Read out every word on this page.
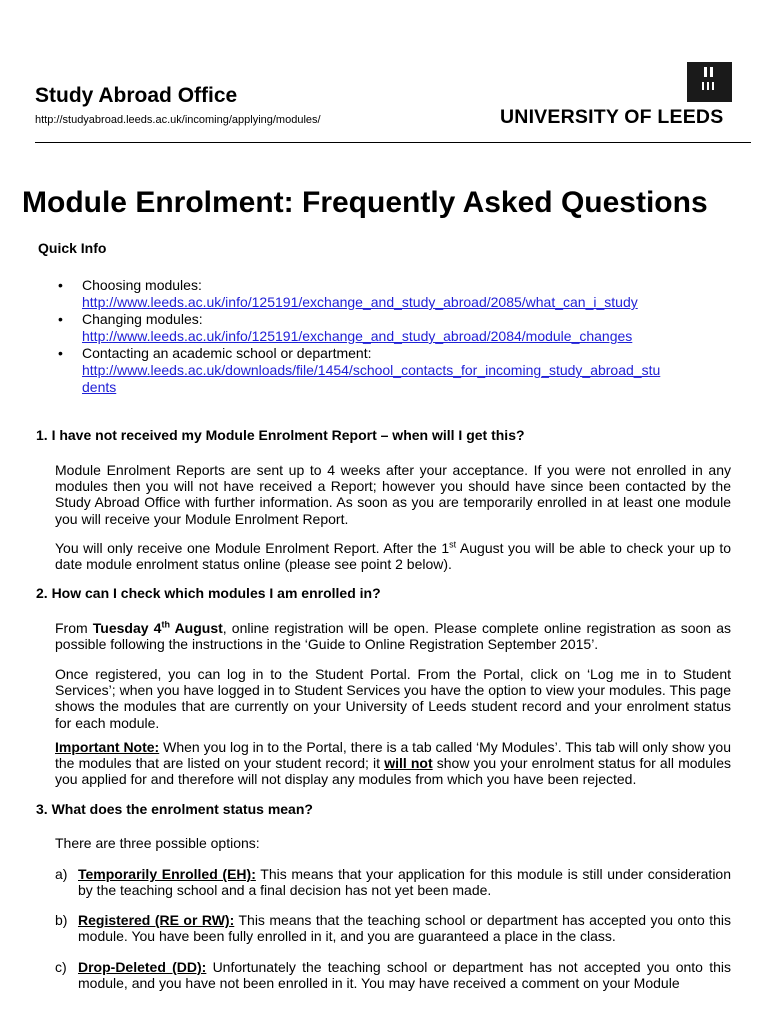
Study Abroad Office
http://studyabroad.leeds.ac.uk/incoming/applying/modules/	UNIVERSITY OF LEEDS
Module Enrolment: Frequently Asked Questions
Quick Info
• Choosing modules:
http://www.leeds.ac.uk/info/125191/exchange_and_study_abroad/2085/what_can_i_study
• Changing modules:
http://www.leeds.ac.uk/info/125191/exchange_and_study_abroad/2084/module_changes
• Contacting an academic school or department:
http://www.leeds.ac.uk/downloads/file/1454/school_contacts_for_incoming_study_abroad_stu
dents
1. I have not received my Module Enrolment Report – when will I get this?
Module Enrolment Reports are sent up to 4 weeks after your acceptance. If you were not enrolled in any modules then you will not have received a Report; however you should have since been contacted by the Study Abroad Office with further information. As soon as you are temporarily enrolled in at least one module you will receive your Module Enrolment Report.
You will only receive one Module Enrolment Report. After the 1st August you will be able to check your up to date module enrolment status online (please see point 2 below).
2. How can I check which modules I am enrolled in?
From Tuesday 4th August, online registration will be open. Please complete online registration as soon as possible following the instructions in the ‘Guide to Online Registration September 2015’.
Once registered, you can log in to the Student Portal. From the Portal, click on ‘Log me in to Student Services’; when you have logged in to Student Services you have the option to view your modules. This page shows the modules that are currently on your University of Leeds student record and your enrolment status for each module.
Important Note: When you log in to the Portal, there is a tab called ‘My Modules’. This tab will only show you the modules that are listed on your student record; it will not show you your enrolment status for all modules you applied for and therefore will not display any modules from which you have been rejected.
3. What does the enrolment status mean?
There are three possible options:
a) Temporarily Enrolled (EH): This means that your application for this module is still under consideration by the teaching school and a final decision has not yet been made.
b) Registered (RE or RW): This means that the teaching school or department has accepted you onto this module. You have been fully enrolled in it, and you are guaranteed a place in the class.
c) Drop-Deleted (DD): Unfortunately the teaching school or department has not accepted you onto this module, and you have not been enrolled in it. You may have received a comment on your Module
